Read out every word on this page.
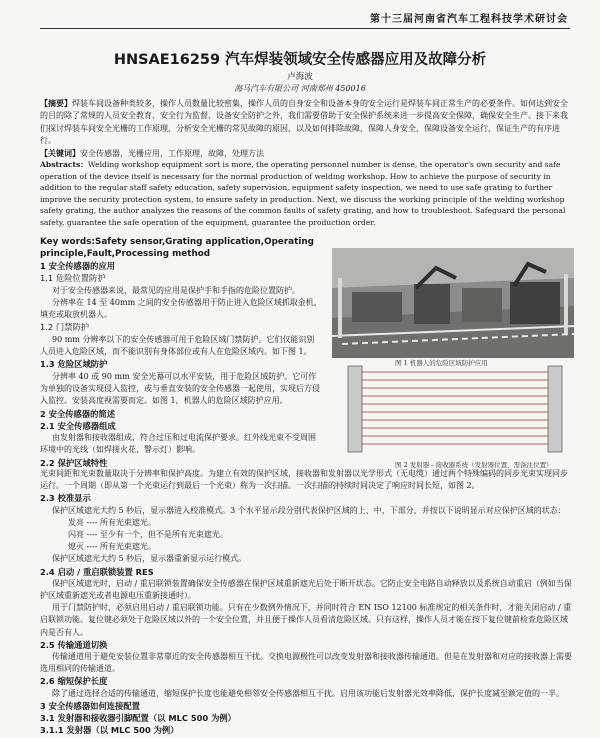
第十三届河南省汽车工程科技学术研讨会
HNSAE16259 汽车焊装领域安全传感器应用及故障分析
卢海波
海马汽车有限公司 河南郑州 450016

【摘要】焊装车间设备种类较多，操作人员数量比较密集，操作人员的自身安全和设备本身的安全运行是焊装车间正常生产的必要条件。如何达到安全的目的除了常规的人员安全教育、安全行为监督、设备安全防护之外，我们需要借助于安全保护系统来进一步提高安全保障，确保安全生产。接下来我们探讨焊装车间安全光栅的工作原理，分析安全光栅的常见故障的原因，以及如何排除故障，保障人身安全，保障设备安全运行，保证生产的有序进行。

【关键词】安全传感器，光栅应用，工作原理，故障，处理方法

Abstracts：Welding workshop equipment sort is more, the operating personnel number is dense, the operator's own security and safe operation of the device itself is necessary for the normal production of welding workshop. How to achieve the purpose of security in addition to the regular staff safety education, safety supervision, equipment safety inspection, we need to use safe grating to further improve the security protection system, to ensure safety in production. Next, we discuss the working principle of the welding workshop safety grating, the author analyzes the reasons of the common faults of safety grating, and how to troubleshoot. Safeguard the personal safety, guarantee the safe operation of the equipment, guarantee the production order.

Key words:Safety sensor,Grating application,Operating principle,Fault,Processing method
1 安全传感器的应用
1.1 危险位置防护

对于安全传感器来说，最常见的应用是保护手和手指的危险位置防护。

分辨率在 14 至 40mm 之间的安全传感器用于防止进入危险区域抓取金机，填充或取放机器人。

1.2 门禁防护

90 mm 分辨率以下的安全传感器可用于危险区域门禁防护。它们仅能识别人员进入危险区域，而不能识别有身体部位或有人在危险区域内。如下图 1。

1.3 危险区域防护

分辨率 40 或 90 mm 安全光幕可以水平安装，用于危险区域防护。它可作为单独的设备实现侵入监控，或与垂直安装的安全传感器一起使用，实现后方侵入监控。安装高度视需要而定。如图 1，机器人的危险区域防护应用。

2 安全传感器的简述
2.1 安全传感器组成

由发射器和接收器组成，符合过压和过电流保护要求。红外线光束不受周围环境中的光线（如焊接火花、警示灯）影响。

2.2 保护区域特性
图 1 机器人的危险区域防护应用
图 2 发射器 - 接收器系统（发射器位置、需备注位置）

光束间距和光束数量取决于分辨率和保护高度。为建立有效的保护区域，接收器和发射器以光学形式（无电缆）通过两个特殊编码的同步光束实现同步运行。一个周期（即从第一个光束运行到最后一个光束）称为一次扫描。一次扫描的持续时间决定了响应时间长短，如图 2。

2.3 校准显示

保护区域遮光大约 5 秒后，显示器进入校准模式。3 个水平显示段分别代表保护区域的上、中、下部分，并按以下说明显示对应保护区域的状态：

发亮 ---- 所有光束遮光。

闪亮 ---- 至少有一个，但不是所有光束遮光。

熄灭 ---- 所有光束遮光。

保护区域遮光大约 5 秒后，显示器重新显示运行模式。

2.4 启动 / 重启联锁装置 RES

保护区域遮光时，启动 / 重启联锁装置确保安全传感器在保护区域重新遮光后处于断开状态。它防止安全电路自动释放以及系统自动重启（例如当保护区域重新遮光或者电源电压重新接通时）。

用于门禁防护时，必须启用启动 / 重启联锁功能。只有在少数例外情况下，并同时符合 EN ISO 12100 标准规定的相关条件时，才能关闭启动 / 重启联锁功能。复位键必须处于危险区域以外的一个安全位置，并且便于操作人员看清危险区域。只有这样，操作人员才能在按下复位键前检查危险区域内是否有人。

2.5 传输通道切换

传输通道用于避免安装位置非常靠近的安全传感器相互干扰。交换电源极性可以改变发射器和接收器传输通道。但是在发射器和对应的接收器上需要选用相同的传输通道。

2.6 缩短保护长度

除了通过选择合适的传输通道，缩短保护长度也能避免相邻安全传感器相互干扰。启用该功能后发射器光效率降低，保护长度减至额定值的一半。

3 安全传感器如何连接配置
3.1 发射器和接收器引脚配置（以 MLC 500 为例）
3.1.1 发射器（以 MLC 500 为例）
